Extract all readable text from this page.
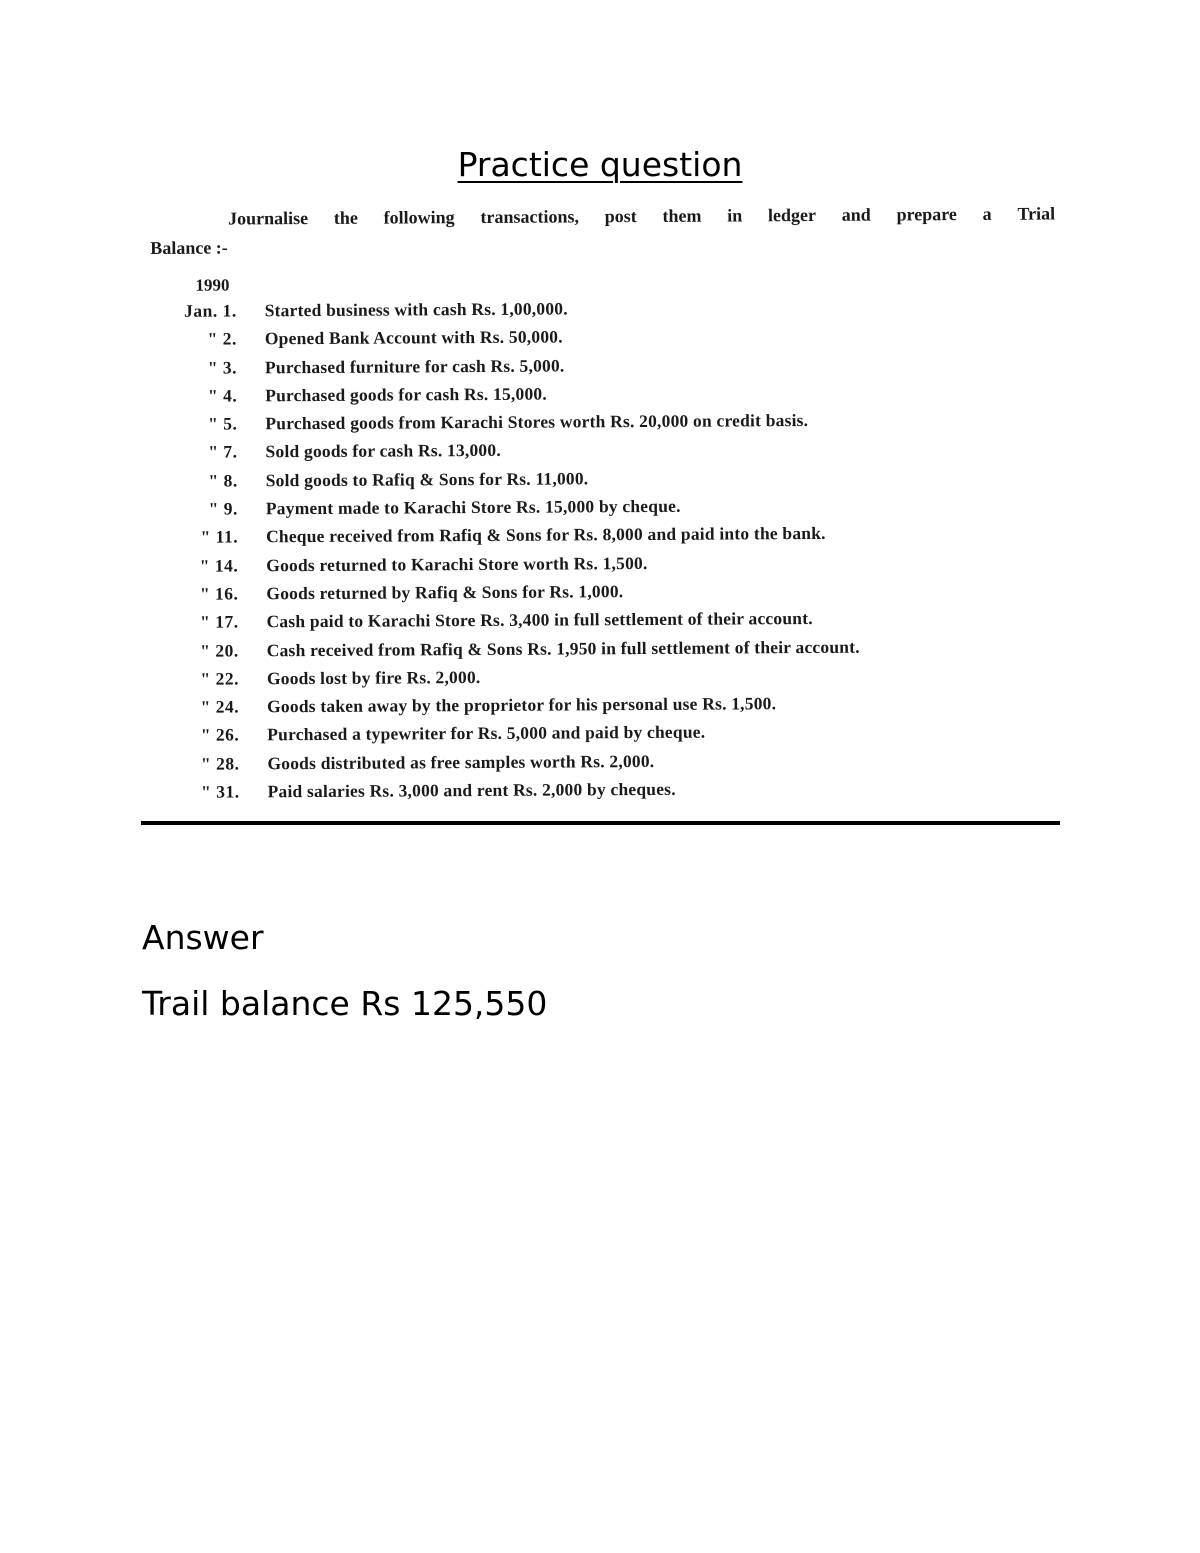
Practice question
Journalise the following transactions, post them in ledger and prepare a Trial
Balance :-
1990
Jan. 1. Started business with cash Rs. 1,00,000.
" 2. Opened Bank Account with Rs. 50,000.
" 3. Purchased furniture for cash Rs. 5,000.
" 4. Purchased goods for cash Rs. 15,000.
" 5. Purchased goods from Karachi Stores worth Rs. 20,000 on credit basis.
" 7. Sold goods for cash Rs. 13,000.
" 8. Sold goods to Rafiq & Sons for Rs. 11,000.
" 9. Payment made to Karachi Store Rs. 15,000 by cheque.
" 11. Cheque received from Rafiq & Sons for Rs. 8,000 and paid into the bank.
" 14. Goods returned to Karachi Store worth Rs. 1,500.
" 16. Goods returned by Rafiq & Sons for Rs. 1,000.
" 17. Cash paid to Karachi Store Rs. 3,400 in full settlement of their account.
" 20. Cash received from Rafiq & Sons Rs. 1,950 in full settlement of their account.
" 22. Goods lost by fire Rs. 2,000.
" 24. Goods taken away by the proprietor for his personal use Rs. 1,500.
" 26. Purchased a typewriter for Rs. 5,000 and paid by cheque.
" 28. Goods distributed as free samples worth Rs. 2,000.
" 31. Paid salaries Rs. 3,000 and rent Rs. 2,000 by cheques.
Answer
Trail balance Rs 125,550
